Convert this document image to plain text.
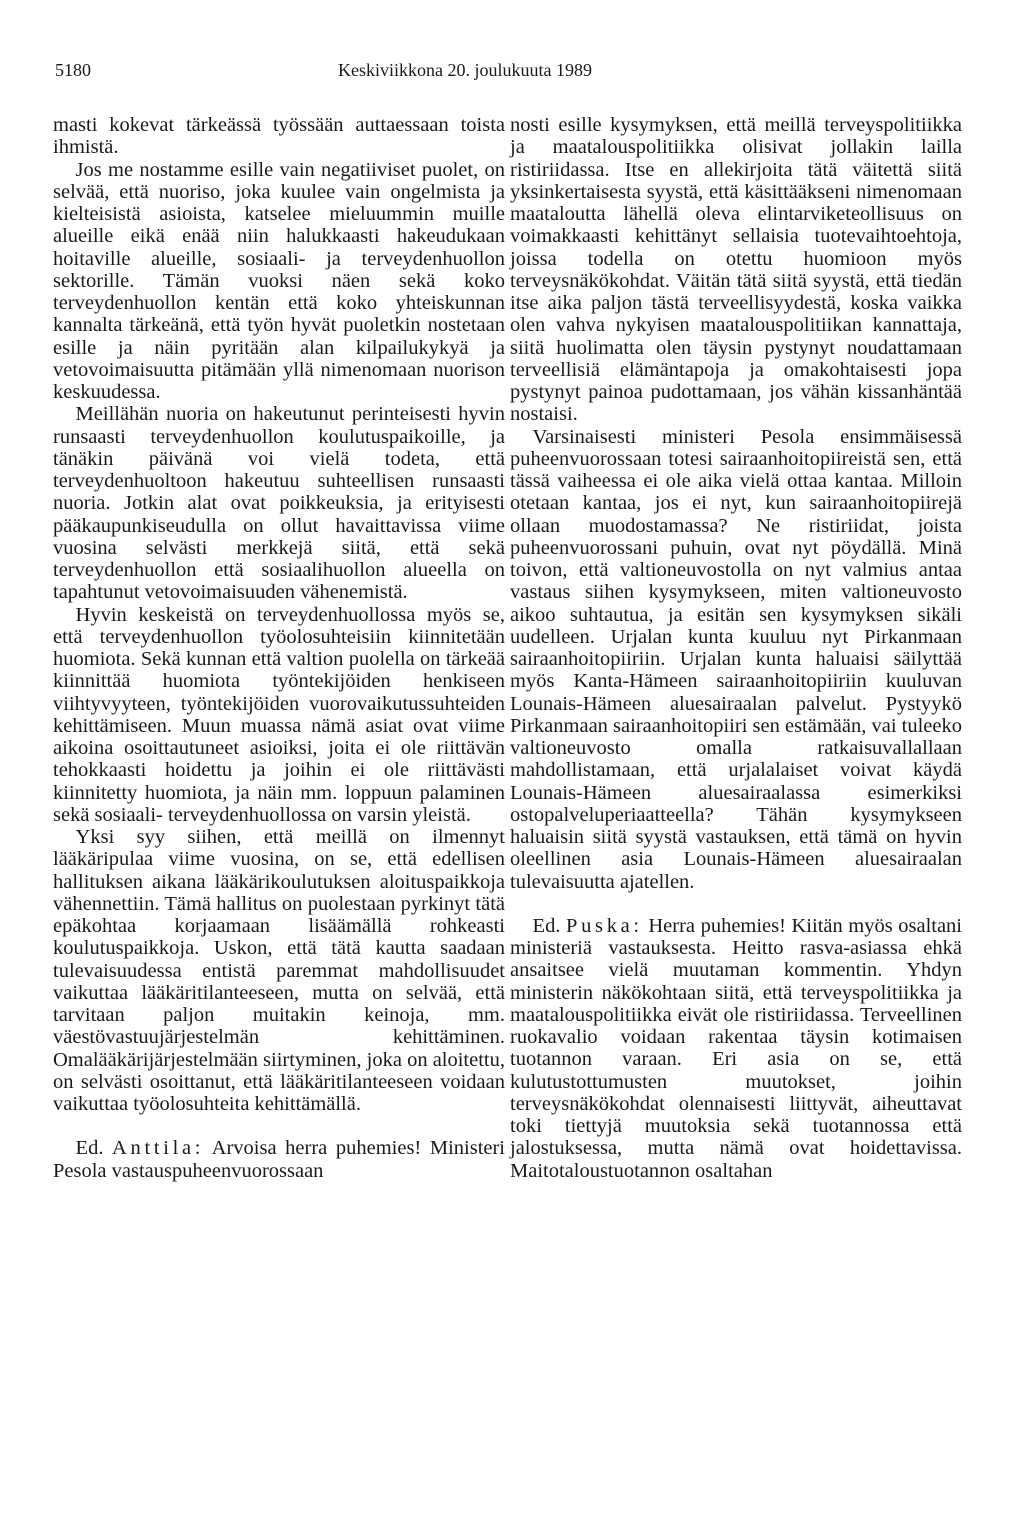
5180	Keskiviikkona 20. joulukuuta 1989

masti kokevat tärkeässä työssään auttaessaan toista ihmistä.

Jos me nostamme esille vain negatiiviset puolet, on selvää, että nuoriso, joka kuulee vain ongelmista ja kielteisistä asioista, katselee mieluummin muille alueille eikä enää niin halukkaasti hakeudukaan hoitaville alueille, sosiaali- ja terveydenhuollon sektorille. Tämän vuoksi näen sekä koko terveydenhuollon kentän että koko yhteiskunnan kannalta tärkeänä, että työn hyvät puoletkin nostetaan esille ja näin pyritään alan kilpailukykyä ja vetovoimaisuutta pitämään yllä nimenomaan nuorison keskuudessa.

Meillähän nuoria on hakeutunut perinteisesti hyvin runsaasti terveydenhuollon koulutuspaikoille, ja tänäkin päivänä voi vielä todeta, että terveydenhuoltoon hakeutuu suhteellisen runsaasti nuoria. Jotkin alat ovat poikkeuksia, ja erityisesti pääkaupunkiseudulla on ollut havaittavissa viime vuosina selvästi merkkejä siitä, että sekä terveydenhuollon että sosiaalihuollon alueella on tapahtunut vetovoimaisuuden vähenemistä.

Hyvin keskeistä on terveydenhuollossa myös se, että terveydenhuollon työolosuhteisiin kiinnitetään huomiota. Sekä kunnan että valtion puolella on tärkeää kiinnittää huomiota työntekijöiden henkiseen viihtyvyyteen, työntekijöiden vuorovaikutussuhteiden kehittämiseen. Muun muassa nämä asiat ovat viime aikoina osoittautuneet asioiksi, joita ei ole riittävän tehokkaasti hoidettu ja joihin ei ole riittävästi kiinnitetty huomiota, ja näin mm. loppuun palaminen sekä sosiaali- terveydenhuollossa on varsin yleistä.

Yksi syy siihen, että meillä on ilmennyt lääkäripulaa viime vuosina, on se, että edellisen hallituksen aikana lääkärikoulutuksen aloituspaikkoja vähennettiin. Tämä hallitus on puolestaan pyrkinyt tätä epäkohtaa korjaamaan lisäämällä rohkeasti koulutuspaikkoja. Uskon, että tätä kautta saadaan tulevaisuudessa entistä paremmat mahdollisuudet vaikuttaa lääkäritilanteeseen, mutta on selvää, että tarvitaan paljon muitakin keinoja, mm. väestövastuujärjestelmän kehittäminen. Omalääkärijärjestelmään siirtyminen, joka on aloitettu, on selvästi osoittanut, että lääkäritilanteeseen voidaan vaikuttaa työolosuhteita kehittämällä.

Ed. Anttila: Arvoisa herra puhemies! Ministeri Pesola vastauspuheenvuorossaan

nosti esille kysymyksen, että meillä terveyspolitiikka ja maatalouspolitiikka olisivat jollakin lailla ristiriidassa. Itse en allekirjoita tätä väitettä siitä yksinkertaisesta syystä, että käsittääkseni nimenomaan maataloutta lähellä oleva elintarviketeollisuus on voimakkaasti kehittänyt sellaisia tuotevaihtoehtoja, joissa todella on otettu huomioon myös terveysnäkökohdat. Väitän tätä siitä syystä, että tiedän itse aika paljon tästä terveellisyydestä, koska vaikka olen vahva nykyisen maatalouspolitiikan kannattaja, siitä huolimatta olen täysin pystynyt noudattamaan terveellisiä elämäntapoja ja omakohtaisesti jopa pystynyt painoa pudottamaan, jos vähän kissanhäntää nostaisi.

Varsinaisesti ministeri Pesola ensimmäisessä puheenvuorossaan totesi sairaanhoitopiireistä sen, että tässä vaiheessa ei ole aika vielä ottaa kantaa. Milloin otetaan kantaa, jos ei nyt, kun sairaanhoitopiirejä ollaan muodostamassa? Ne ristiriidat, joista puheenvuorossani puhuin, ovat nyt pöydällä. Minä toivon, että valtioneuvostolla on nyt valmius antaa vastaus siihen kysymykseen, miten valtioneuvosto aikoo suhtautua, ja esitän sen kysymyksen sikäli uudelleen. Urjalan kunta kuuluu nyt Pirkanmaan sairaanhoitopiiriin. Urjalan kunta haluaisi säilyttää myös Kanta-Hämeen sairaanhoitopiiriin kuuluvan Lounais-Hämeen aluesairaalan palvelut. Pystyykö Pirkanmaan sairaanhoitopiiri sen estämään, vai tuleeko valtioneuvosto omalla ratkaisuvallallaan mahdollistamaan, että urjalalaiset voivat käydä Lounais-Hämeen aluesairaalassa esimerkiksi ostopalveluperiaatteella? Tähän kysymykseen haluaisin siitä syystä vastauksen, että tämä on hyvin oleellinen asia Lounais-Hämeen aluesairaalan tulevaisuutta ajatellen.

Ed. Puska: Herra puhemies! Kiitän myös osaltani ministeriä vastauksesta. Heitto rasva-asiassa ehkä ansaitsee vielä muutaman kommentin. Yhdyn ministerin näkökohtaan siitä, että terveyspolitiikka ja maatalouspolitiikka eivät ole ristiriidassa. Terveellinen ruokavalio voidaan rakentaa täysin kotimaisen tuotannon varaan. Eri asia on se, että kulutustottumusten muutokset, joihin terveysnäkökohdat olennaisesti liittyvät, aiheuttavat toki tiettyjä muutoksia sekä tuotannossa että jalostuksessa, mutta nämä ovat hoidettavissa. Maitotaloustuotannon osaltahan
